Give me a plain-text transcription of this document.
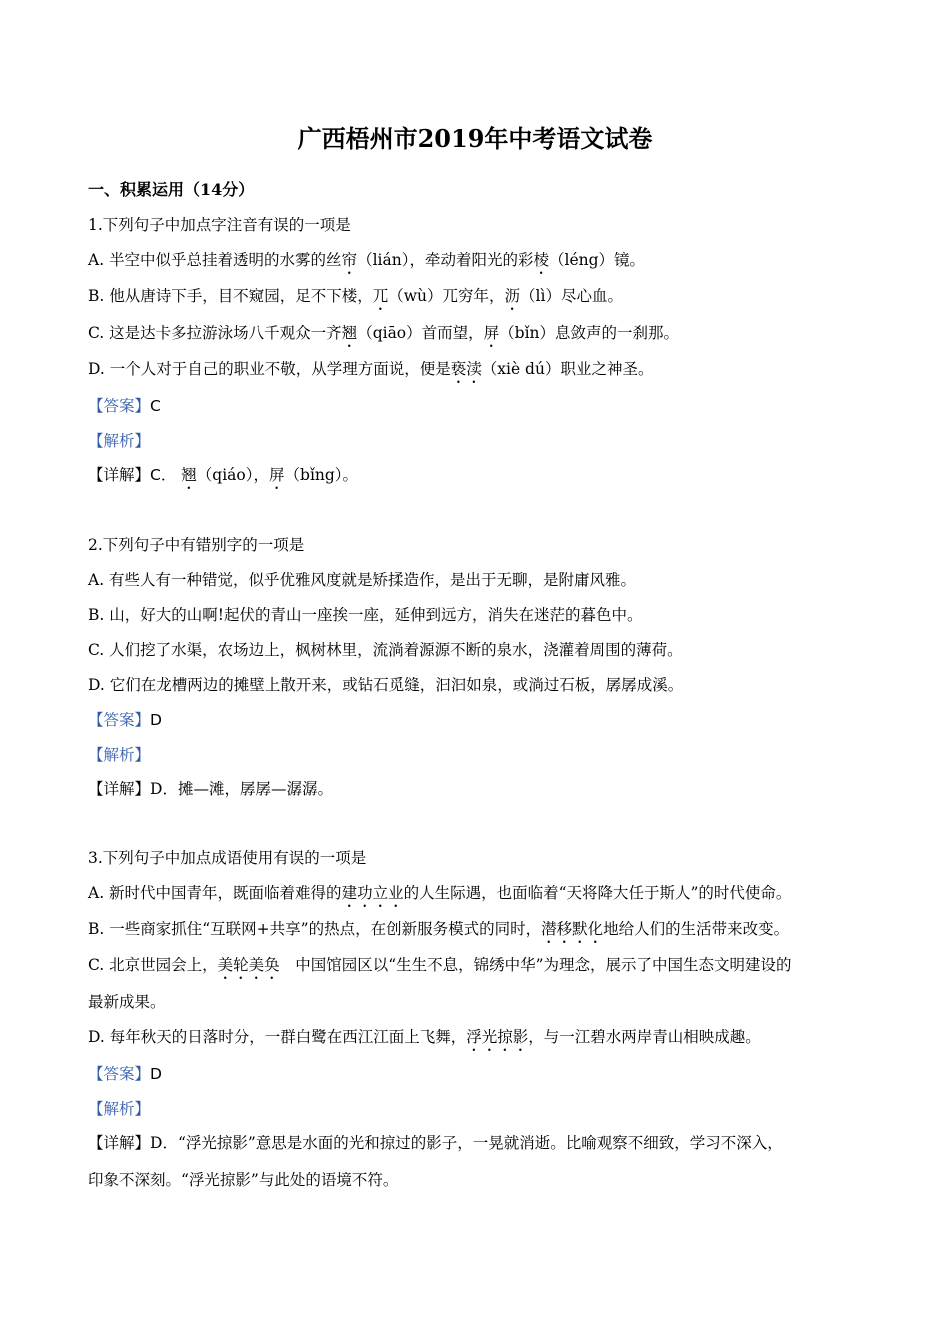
广西梧州市2019年中考语文试卷
一、积累运用（14分）
1.下列句子中加点字注音有误的一项是
A. 半空中似乎总挂着透明的水雾的丝帘（lián），牵动着阳光的彩棱（léng）镜。
B. 他从唐诗下手，目不窥园，足不下楼，兀（wù）兀穷年，沥（lì）尽心血。
C. 这是达卡多拉游泳场八千观众一齐翘（qiāo）首而望，屏（bǐn）息敛声的一刹那。
D. 一个人对于自己的职业不敬，从学理方面说，便是亵渎（xiè dú）职业之神圣。
【答案】C
【解析】
【详解】C． 翘（qiáo），屏（bǐng）。
2.下列句子中有错别字的一项是
A. 有些人有一种错觉，似乎优雅风度就是矫揉造作，是出于无聊，是附庸风雅。
B. 山，好大的山啊!起伏的青山一座挨一座，延伸到远方，消失在迷茫的暮色中。
C. 人们挖了水渠，农场边上，枫树林里，流淌着源源不断的泉水，浇灌着周围的薄荷。
D. 它们在龙槽两边的摊壁上散开来，或钻石觅缝，汩汩如泉，或淌过石板，孱孱成溪。
【答案】D
【解析】
【详解】D．摊—滩，孱孱—潺潺。
3.下列句子中加点成语使用有误的一项是
A. 新时代中国青年，既面临着难得的建功立业的人生际遇，也面临着“天将降大任于斯人”的时代使命。
B. 一些商家抓住“互联网+共享”的热点，在创新服务模式的同时，潜移默化地给人们的生活带来改变。
C. 北京世园会上，美轮美奂　中国馆园区以“生生不息，锦绣中华”为理念，展示了中国生态文明建设的
最新成果。
D. 每年秋天的日落时分，一群白鹭在西江江面上飞舞，浮光掠影，与一江碧水两岸青山相映成趣。
【答案】D
【解析】
【详解】D．“浮光掠影”意思是水面的光和掠过的影子，一晃就消逝。比喻观察不细致，学习不深入，
印象不深刻。“浮光掠影”与此处的语境不符。
